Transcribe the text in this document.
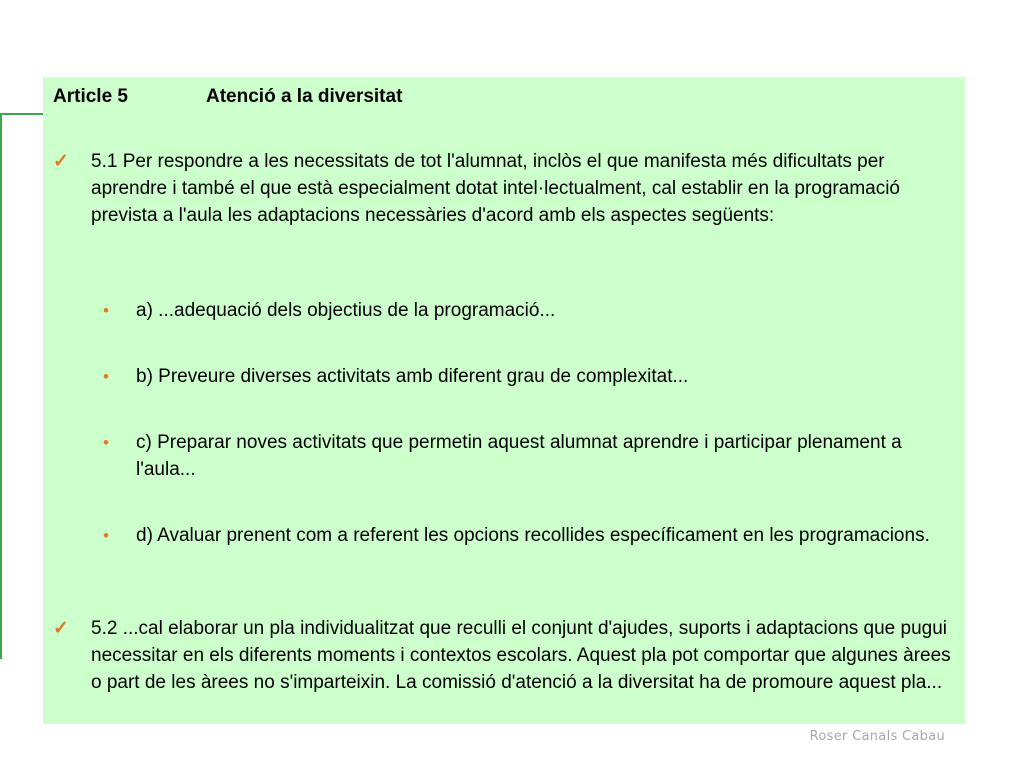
Article 5	Atenció a la diversitat
✓ 5.1 Per respondre a les necessitats de tot l'alumnat, inclòs el que manifesta més dificultats per aprendre i també el que està especialment dotat intel·lectualment, cal establir en la programació prevista a l'aula les adaptacions necessàries d'acord amb els aspectes següents:
• a) ...adequació dels objectius de la programació...
• b) Preveure diverses activitats amb diferent grau de complexitat...
• c) Preparar noves activitats que permetin aquest alumnat aprendre i participar plenament a l'aula...
• d) Avaluar prenent com a referent les opcions recollides específicament en les programacions.
✓ 5.2 ...cal elaborar un pla individualitzat que reculli el conjunt d'ajudes, suports i adaptacions que pugui necessitar en els diferents moments i contextos escolars. Aquest pla pot comportar que algunes àrees o part de les àrees no s'imparteixin. La comissió d'atenció a la diversitat ha de promoure aquest pla...
Roser Canals Cabau
